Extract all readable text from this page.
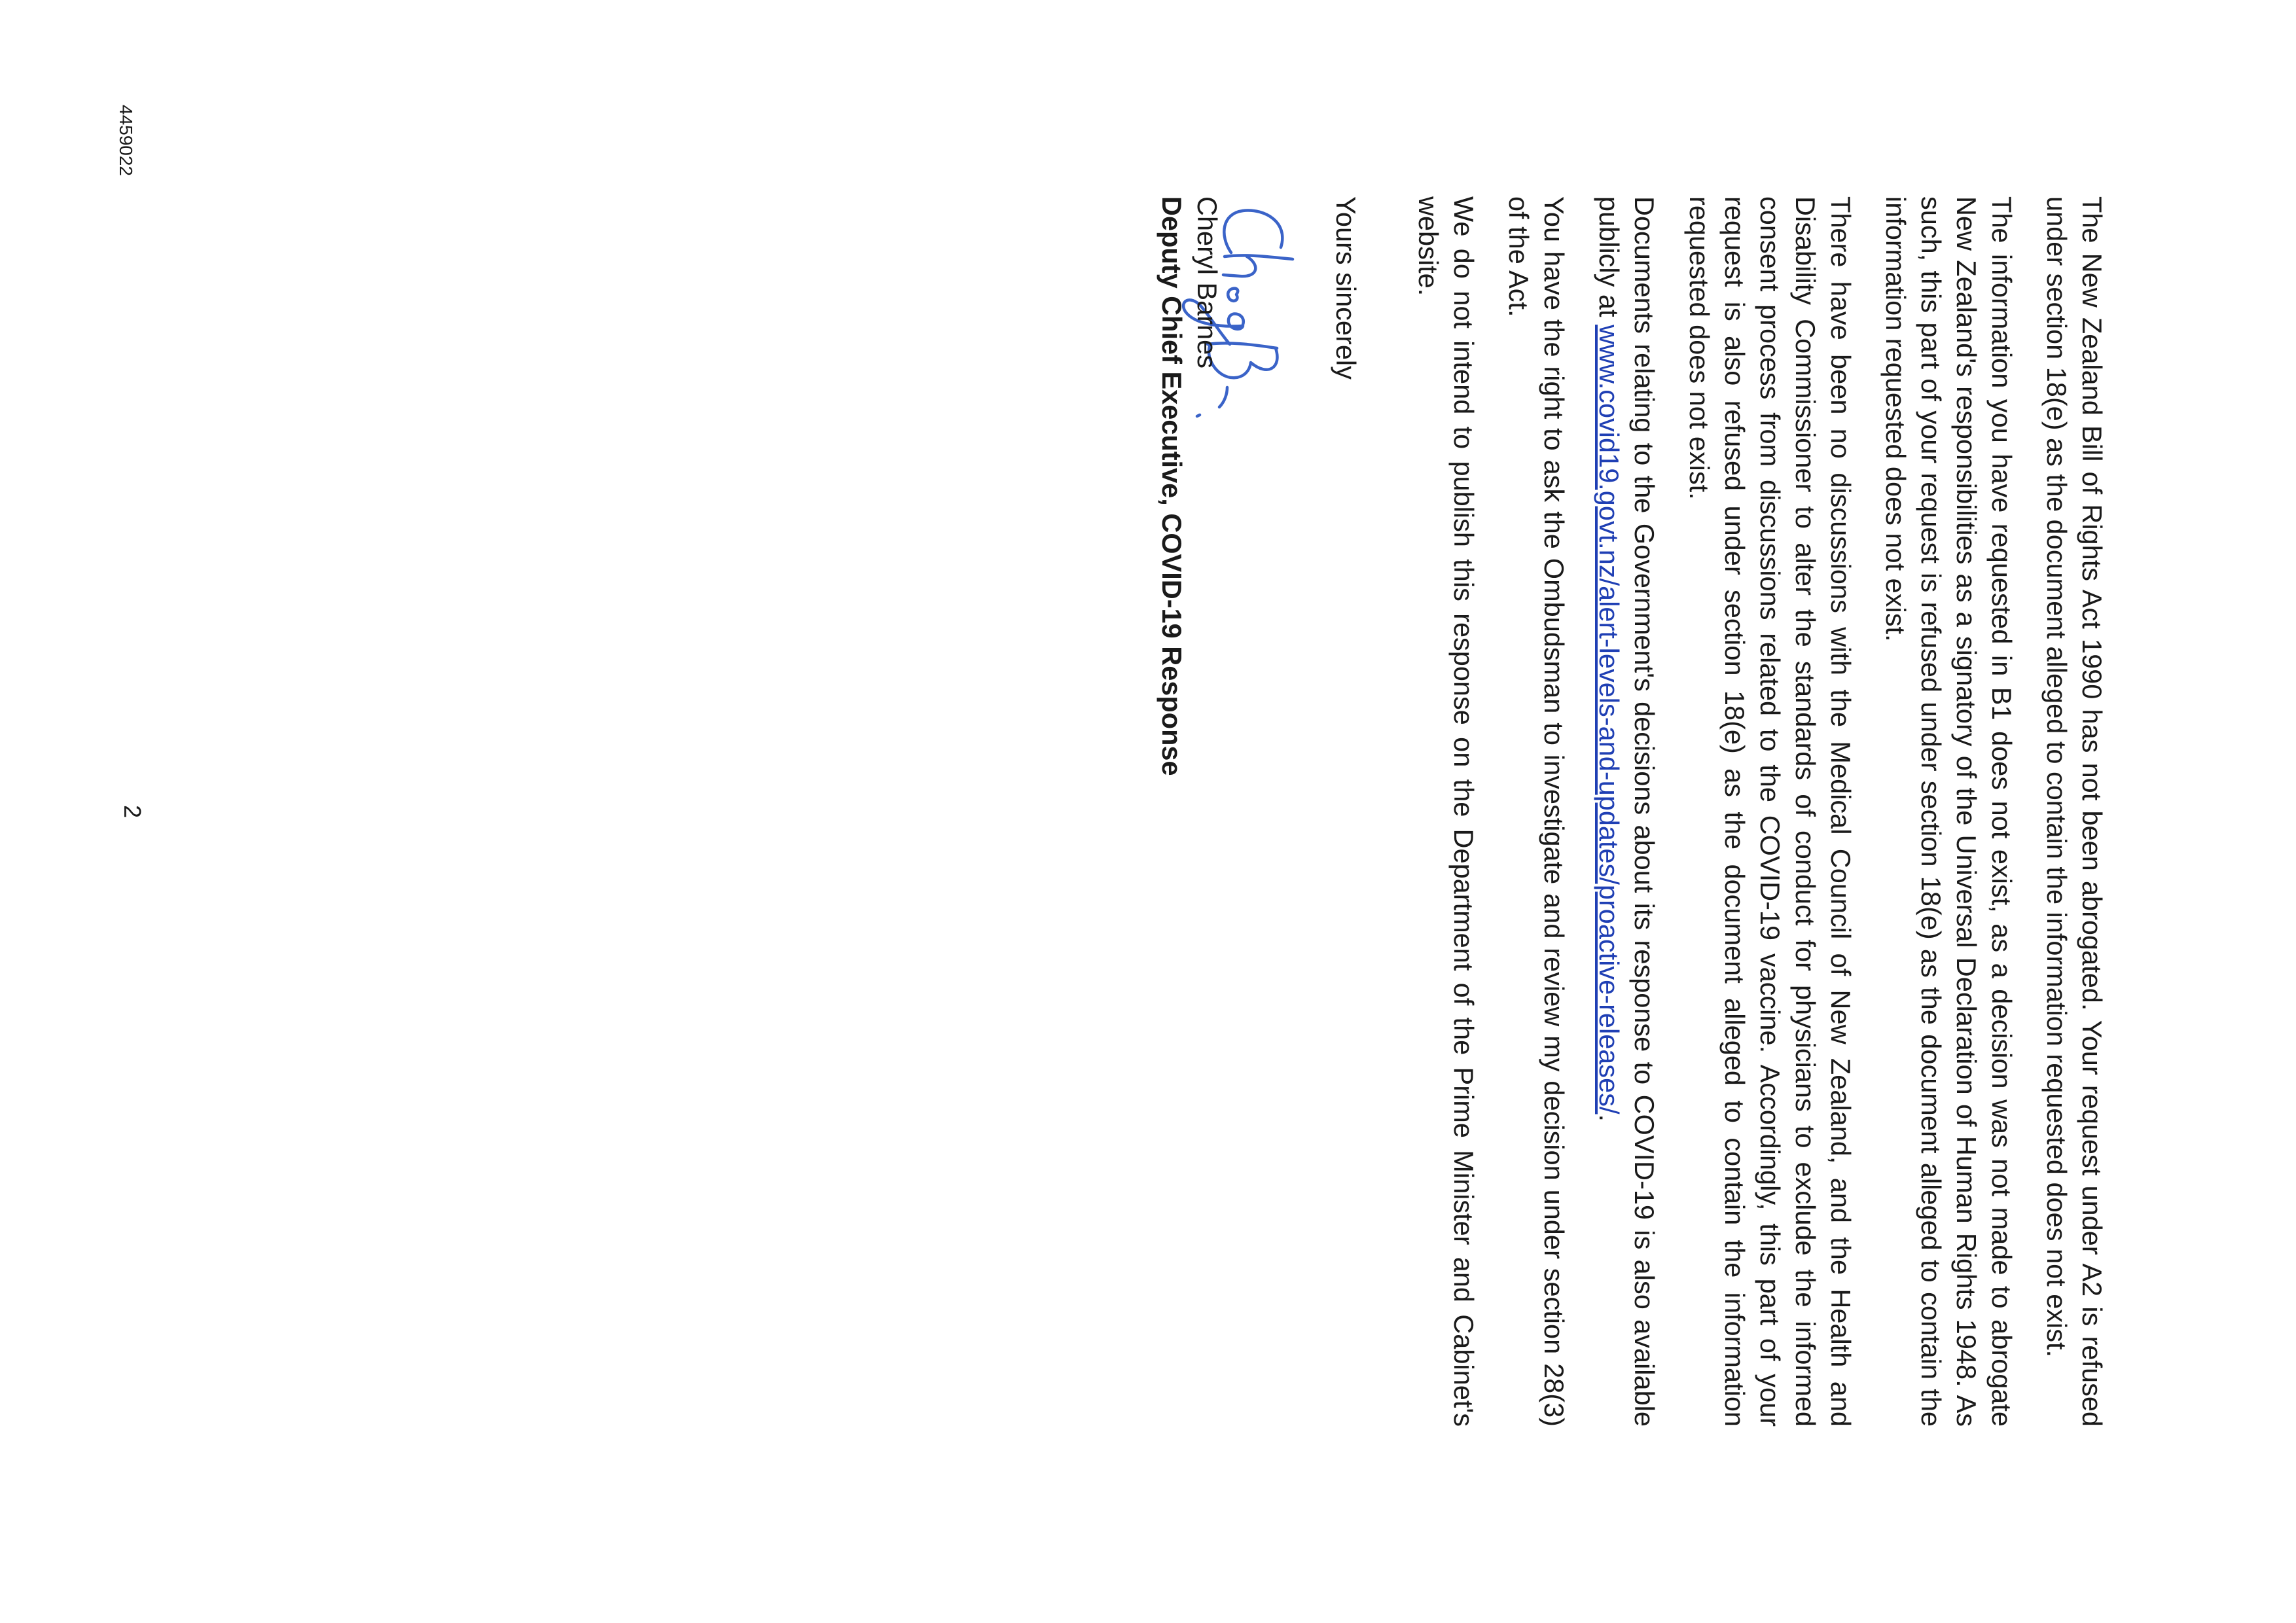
The New Zealand Bill of Rights Act 1990 has not been abrogated. Your request under A2 is refused under section 18(e) as the document alleged to contain the information requested does not exist.

The information you have requested in B1 does not exist, as a decision was not made to abrogate New Zealand's responsibilities as a signatory of the Universal Declaration of Human Rights 1948. As such, this part of your request is refused under section 18(e) as the document alleged to contain the information requested does not exist.

There have been no discussions with the Medical Council of New Zealand, and the Health and Disability Commissioner to alter the standards of conduct for physicians to exclude the informed consent process from discussions related to the COVID-19 vaccine. Accordingly, this part of your request is also refused under section 18(e) as the document alleged to contain the information requested does not exist.

Documents relating to the Government's decisions about its response to COVID-19 is also available publicly at www.covid19.govt.nz/alert-levels-and-updates/proactive-releases/.

You have the right to ask the Ombudsman to investigate and review my decision under section 28(3) of the Act.

We do not intend to publish this response on the Department of the Prime Minister and Cabinet's website.

Yours sincerely
Cheryl Barnes
Deputy Chief Executive, COVID-19 Response
2
4459022
